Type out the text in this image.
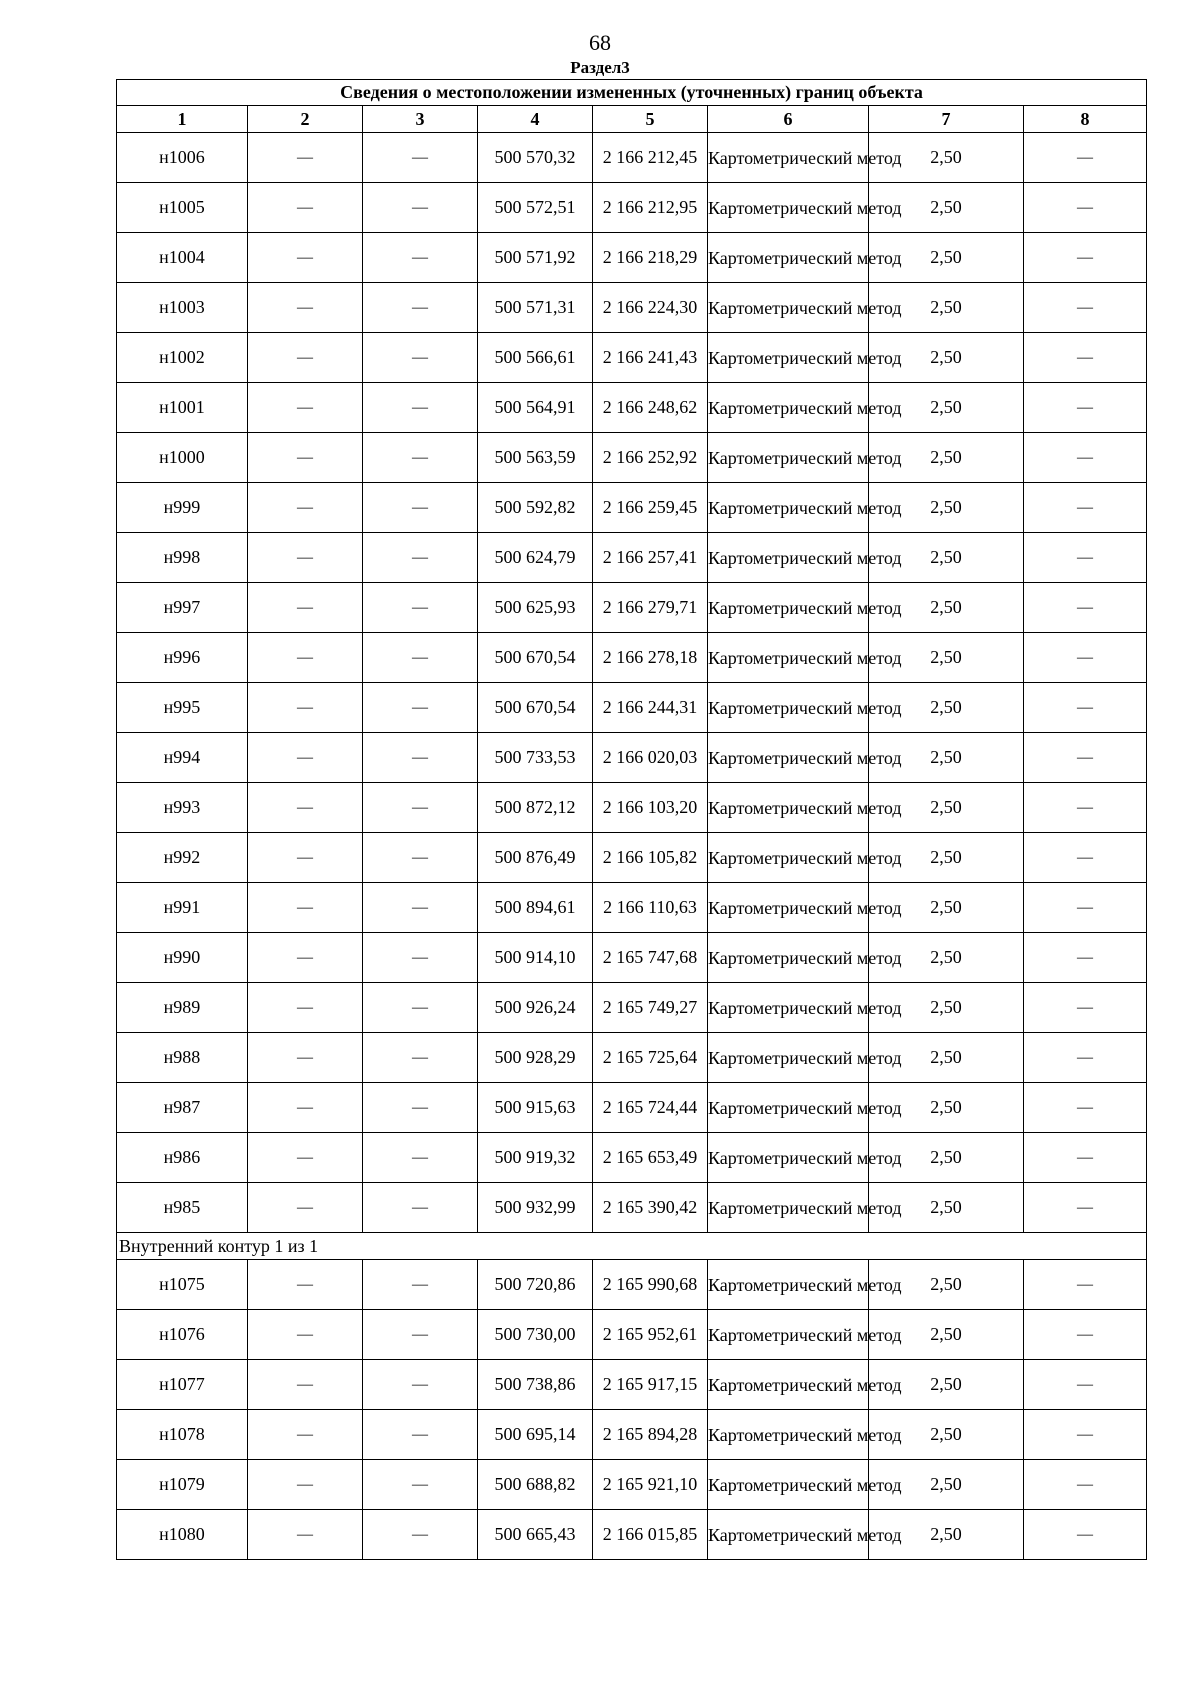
68
Раздел3
Сведения о местоположении измененных (уточненных) границ объекта							
1	2	3	4	5	6	7	8
н1006	—	—	500 570,32	2 166 212,45	Картометрический метод	2,50	—
н1005	—	—	500 572,51	2 166 212,95	Картометрический метод	2,50	—
н1004	—	—	500 571,92	2 166 218,29	Картометрический метод	2,50	—
н1003	—	—	500 571,31	2 166 224,30	Картометрический метод	2,50	—
н1002	—	—	500 566,61	2 166 241,43	Картометрический метод	2,50	—
н1001	—	—	500 564,91	2 166 248,62	Картометрический метод	2,50	—
н1000	—	—	500 563,59	2 166 252,92	Картометрический метод	2,50	—
н999	—	—	500 592,82	2 166 259,45	Картометрический метод	2,50	—
н998	—	—	500 624,79	2 166 257,41	Картометрический метод	2,50	—
н997	—	—	500 625,93	2 166 279,71	Картометрический метод	2,50	—
н996	—	—	500 670,54	2 166 278,18	Картометрический метод	2,50	—
н995	—	—	500 670,54	2 166 244,31	Картометрический метод	2,50	—
н994	—	—	500 733,53	2 166 020,03	Картометрический метод	2,50	—
н993	—	—	500 872,12	2 166 103,20	Картометрический метод	2,50	—
н992	—	—	500 876,49	2 166 105,82	Картометрический метод	2,50	—
н991	—	—	500 894,61	2 166 110,63	Картометрический метод	2,50	—
н990	—	—	500 914,10	2 165 747,68	Картометрический метод	2,50	—
н989	—	—	500 926,24	2 165 749,27	Картометрический метод	2,50	—
н988	—	—	500 928,29	2 165 725,64	Картометрический метод	2,50	—
н987	—	—	500 915,63	2 165 724,44	Картометрический метод	2,50	—
н986	—	—	500 919,32	2 165 653,49	Картометрический метод	2,50	—
н985	—	—	500 932,99	2 165 390,42	Картометрический метод	2,50	—
Внутренний контур 1 из 1							
н1075	—	—	500 720,86	2 165 990,68	Картометрический метод	2,50	—
н1076	—	—	500 730,00	2 165 952,61	Картометрический метод	2,50	—
н1077	—	—	500 738,86	2 165 917,15	Картометрический метод	2,50	—
н1078	—	—	500 695,14	2 165 894,28	Картометрический метод	2,50	—
н1079	—	—	500 688,82	2 165 921,10	Картометрический метод	2,50	—
н1080	—	—	500 665,43	2 166 015,85	Картометрический метод	2,50	—
